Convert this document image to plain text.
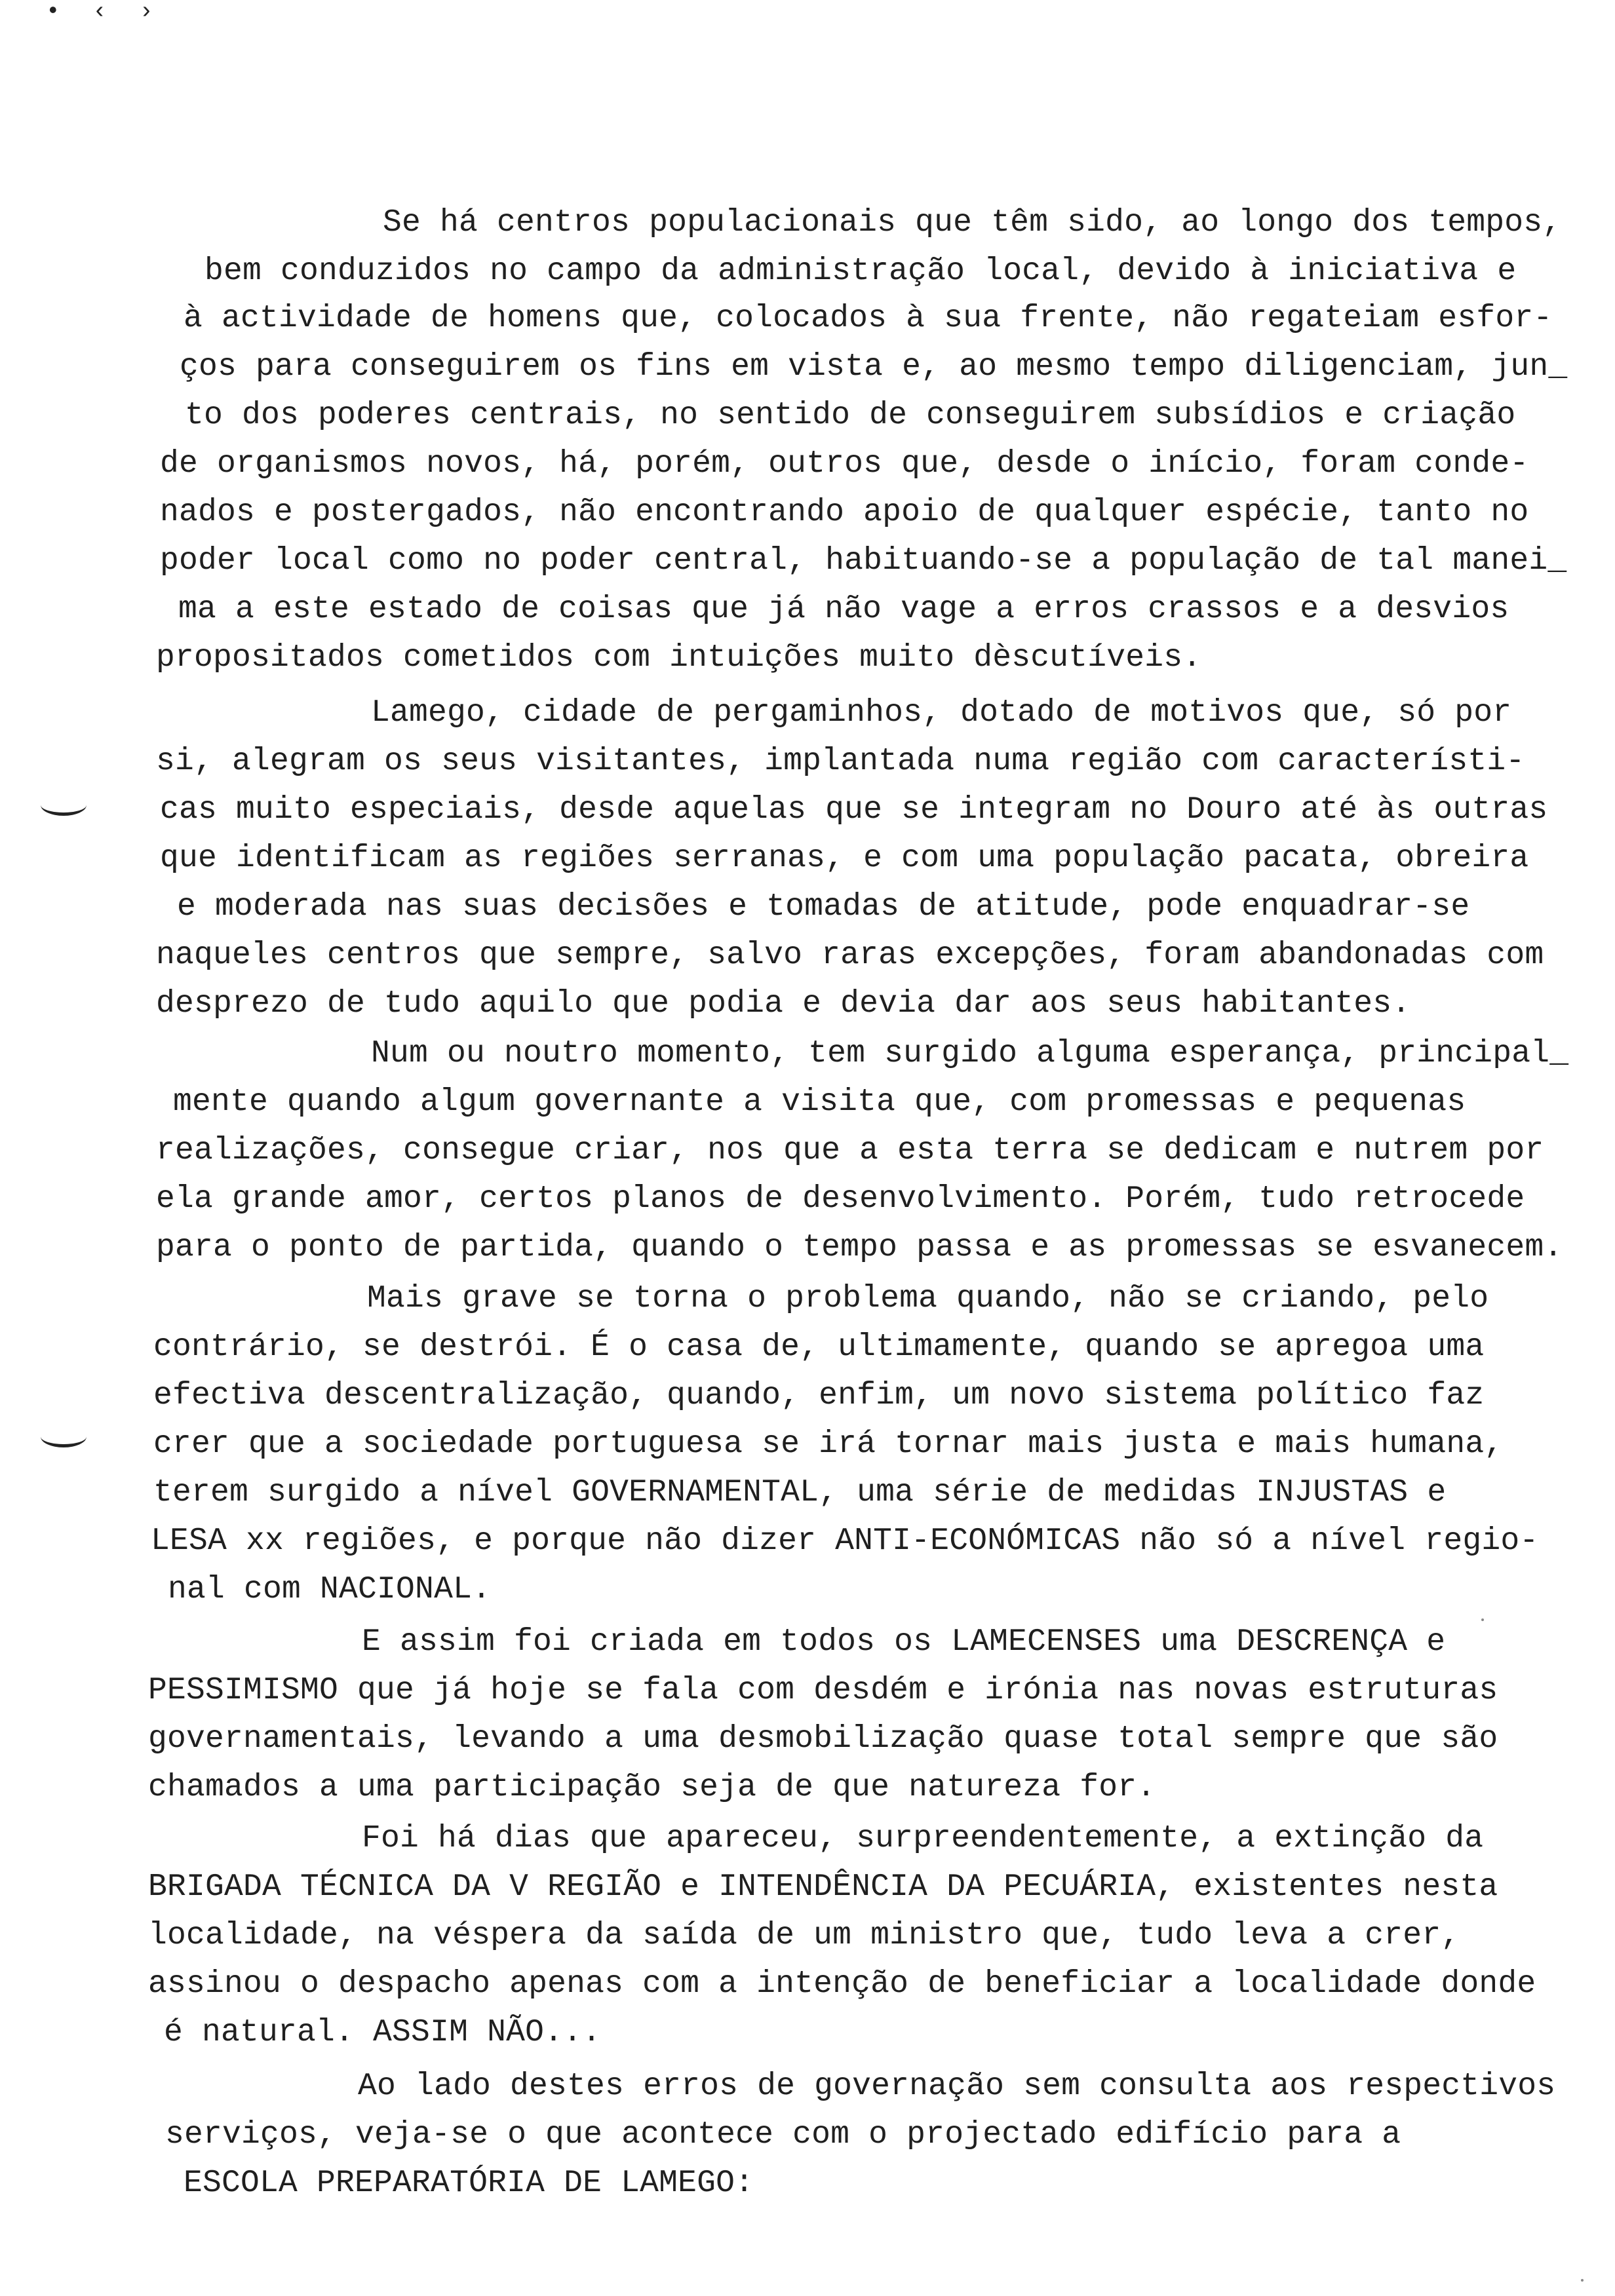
• ‹ ›
Se há centros populacionais que têm sido, ao longo dos tempos,
bem conduzidos no campo da administração local, devido à iniciativa e
à actividade de homens que, colocados à sua frente, não regateiam esfor-
ços para conseguirem os fins em vista e, ao mesmo tempo diligenciam, jun_
to dos poderes centrais, no sentido de conseguirem subsídios e criação
de organismos novos, há, porém, outros que, desde o início, foram conde-
nados e postergados, não encontrando apoio de qualquer espécie, tanto no
poder local como no poder central, habituando-se a população de tal manei_
ma a este estado de coisas que já não vage a erros crassos e a desvios
propositados cometidos com intuições muito dèscutíveis.
Lamego, cidade de pergaminhos, dotado de motivos que, só por
si, alegram os seus visitantes, implantada numa região com característi-
cas muito especiais, desde aquelas que se integram no Douro até às outras
que identificam as regiões serranas, e com uma população pacata, obreira
e moderada nas suas decisões e tomadas de atitude, pode enquadrar-se
naqueles centros que sempre, salvo raras excepções, foram abandonadas com
desprezo de tudo aquilo que podia e devia dar aos seus habitantes.
Num ou noutro momento, tem surgido alguma esperança, principal_
mente quando algum governante a visita que, com promessas e pequenas
realizações, consegue criar, nos que a esta terra se dedicam e nutrem por
ela grande amor, certos planos de desenvolvimento. Porém, tudo retrocede
para o ponto de partida, quando o tempo passa e as promessas se esvanecem.
Mais grave se torna o problema quando, não se criando, pelo
contrário, se destrói. É o casa de, ultimamente, quando se apregoa uma
efectiva descentralização, quando, enfim, um novo sistema político faz
crer que a sociedade portuguesa se irá tornar mais justa e mais humana,
terem surgido a nível GOVERNAMENTAL, uma série de medidas INJUSTAS e
LESA xx regiões, e porque não dizer ANTI-ECONÓMICAS não só a nível regio-
nal com NACIONAL.
E assim foi criada em todos os LAMECENSES uma DESCRENÇA e
PESSIMISMO que já hoje se fala com desdém e irónia nas novas estruturas
governamentais, levando a uma desmobilização quase total sempre que são
chamados a uma participação seja de que natureza for.
Foi há dias que apareceu, surpreendentemente, a extinção da
BRIGADA TÉCNICA DA V REGIÃO e INTENDÊNCIA DA PECUÁRIA, existentes nesta
localidade, na véspera da saída de um ministro que, tudo leva a crer,
assinou o despacho apenas com a intenção de beneficiar a localidade donde
é natural. ASSIM NÃO...
Ao lado destes erros de governação sem consulta aos respectivos
serviços, veja-se o que acontece com o projectado edifício para a
ESCOLA PREPARATÓRIA DE LAMEGO:
